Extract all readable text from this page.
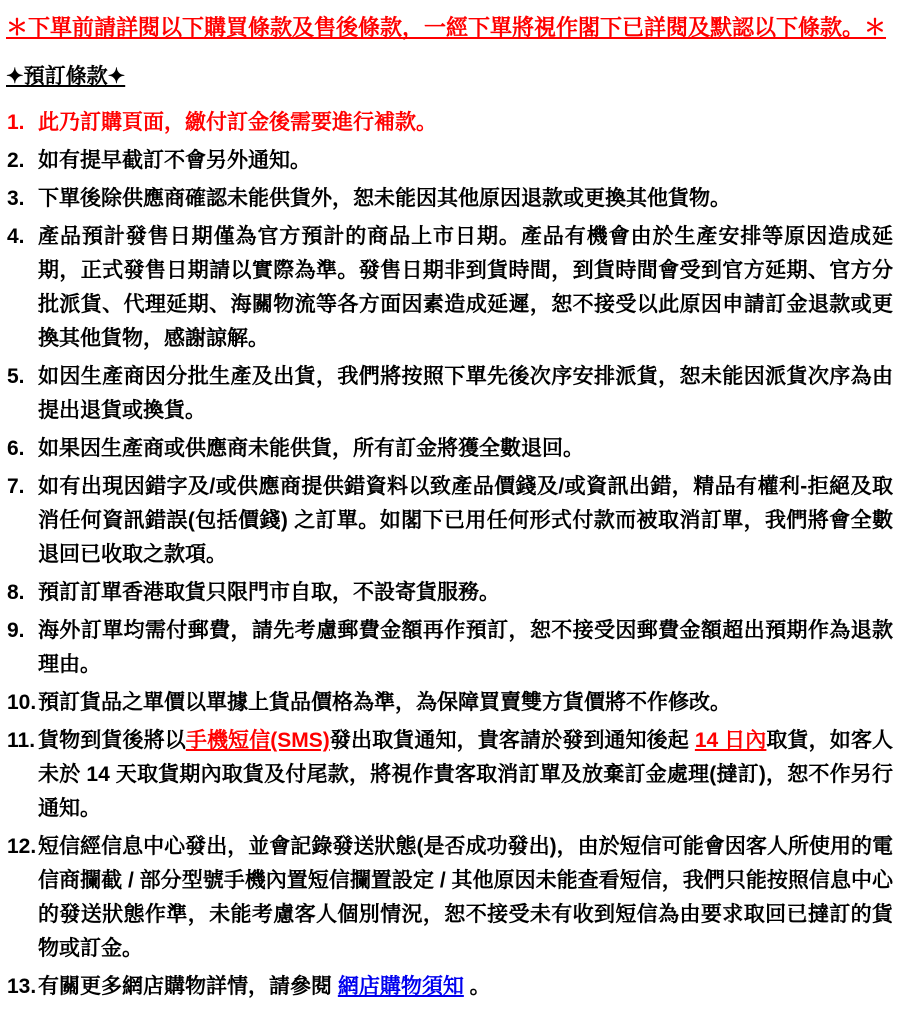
＊下單前請詳閱以下購買條款及售後條款，一經下單將視作閣下已詳閱及默認以下條款。＊
✦預訂條款✦
1. 此乃訂購頁面，繳付訂金後需要進行補款。
2. 如有提早截訂不會另外通知。
3. 下單後除供應商確認未能供貨外，恕未能因其他原因退款或更換其他貨物。
4. 產品預計發售日期僅為官方預計的商品上市日期。產品有機會由於生產安排等原因造成延期，正式發售日期請以實際為準。發售日期非到貨時間，到貨時間會受到官方延期、官方分批派貨、代理延期、海關物流等各方面因素造成延遲，恕不接受以此原因申請訂金退款或更換其他貨物，感謝諒解。
5. 如因生產商因分批生產及出貨，我們將按照下單先後次序安排派貨，恕未能因派貨次序為由提出退貨或換貨。
6. 如果因生產商或供應商未能供貨，所有訂金將獲全數退回。
7. 如有出現因錯字及/或供應商提供錯資料以致產品價錢及/或資訊出錯，精品有權利-拒絕及取消任何資訊錯誤(包括價錢) 之訂單。如閣下已用任何形式付款而被取消訂單，我們將會全數退回已收取之款項。
8. 預訂訂單香港取貨只限門市自取，不設寄貨服務。
9. 海外訂單均需付郵費，請先考慮郵費金額再作預訂，恕不接受因郵費金額超出預期作為退款理由。
10. 預訂貨品之單價以單據上貨品價格為準，為保障買賣雙方貨價將不作修改。
11. 貨物到貨後將以手機短信(SMS)發出取貨通知，貴客請於發到通知後起 14 日內取貨，如客人未於 14 天取貨期內取貨及付尾款，將視作貴客取消訂單及放棄訂金處理(撻訂)，恕不作另行通知。
12. 短信經信息中心發出，並會記錄發送狀態(是否成功發出)，由於短信可能會因客人所使用的電信商攔截 / 部分型號手機內置短信攔置設定 / 其他原因未能查看短信，我們只能按照信息中心的發送狀態作準，未能考慮客人個別情況，恕不接受未有收到短信為由要求取回已撻訂的貨物或訂金。
13. 有關更多網店購物詳情，請參閱 網店購物須知 。
